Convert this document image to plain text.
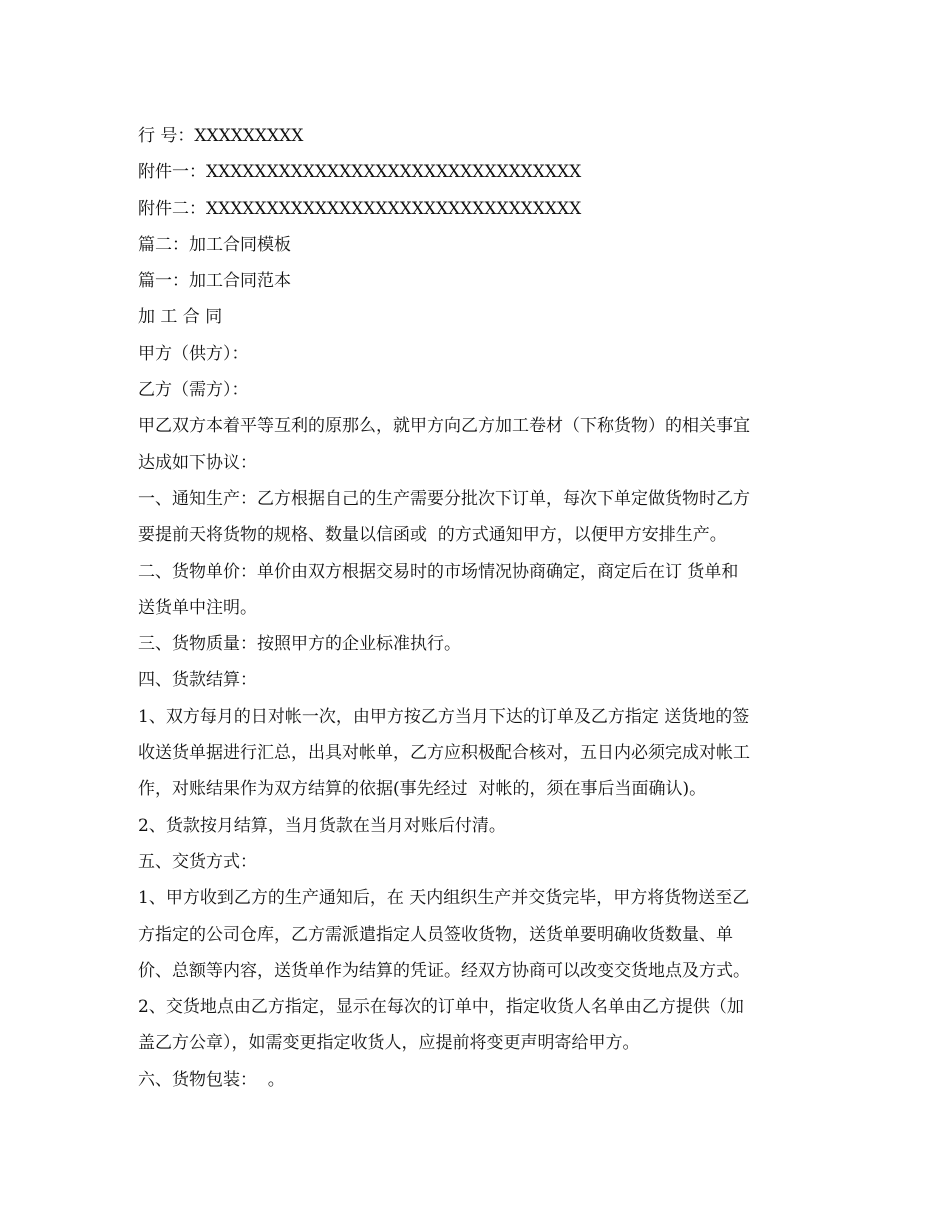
行 号：XXXXXXXXX
附件一：XXXXXXXXXXXXXXXXXXXXXXXXXXXXXXX
附件二：XXXXXXXXXXXXXXXXXXXXXXXXXXXXXXX
篇二：加工合同模板
篇一：加工合同范本
加 工 合 同
甲方（供方）：
乙方（需方）：
甲乙双方本着平等互利的原那么，就甲方向乙方加工卷材（下称货物）的相关事宜
达成如下协议：
一、通知生产：乙方根据自己的生产需要分批次下订单，每次下单定做货物时乙方
要提前天将货物的规格、数量以信函或  的方式通知甲方，以便甲方安排生产。
二、货物单价：单价由双方根据交易时的市场情况协商确定，商定后在订 货单和
送货单中注明。
三、货物质量：按照甲方的企业标准执行。
四、货款结算：
1、双方每月的日对帐一次，由甲方按乙方当月下达的订单及乙方指定 送货地的签
收送货单据进行汇总，出具对帐单，乙方应积极配合核对，五日内必须完成对帐工
作，对账结果作为双方结算的依据(事先经过  对帐的，须在事后当面确认)。
2、货款按月结算，当月货款在当月对账后付清。
五、交货方式：
1、甲方收到乙方的生产通知后，在 天内组织生产并交货完毕，甲方将货物送至乙
方指定的公司仓库，乙方需派遣指定人员签收货物，送货单要明确收货数量、单
价、总额等内容，送货单作为结算的凭证。经双方协商可以改变交货地点及方式。
2、交货地点由乙方指定，显示在每次的订单中，指定收货人名单由乙方提供（加
盖乙方公章），如需变更指定收货人，应提前将变更声明寄给甲方。
六、货物包装：  。
